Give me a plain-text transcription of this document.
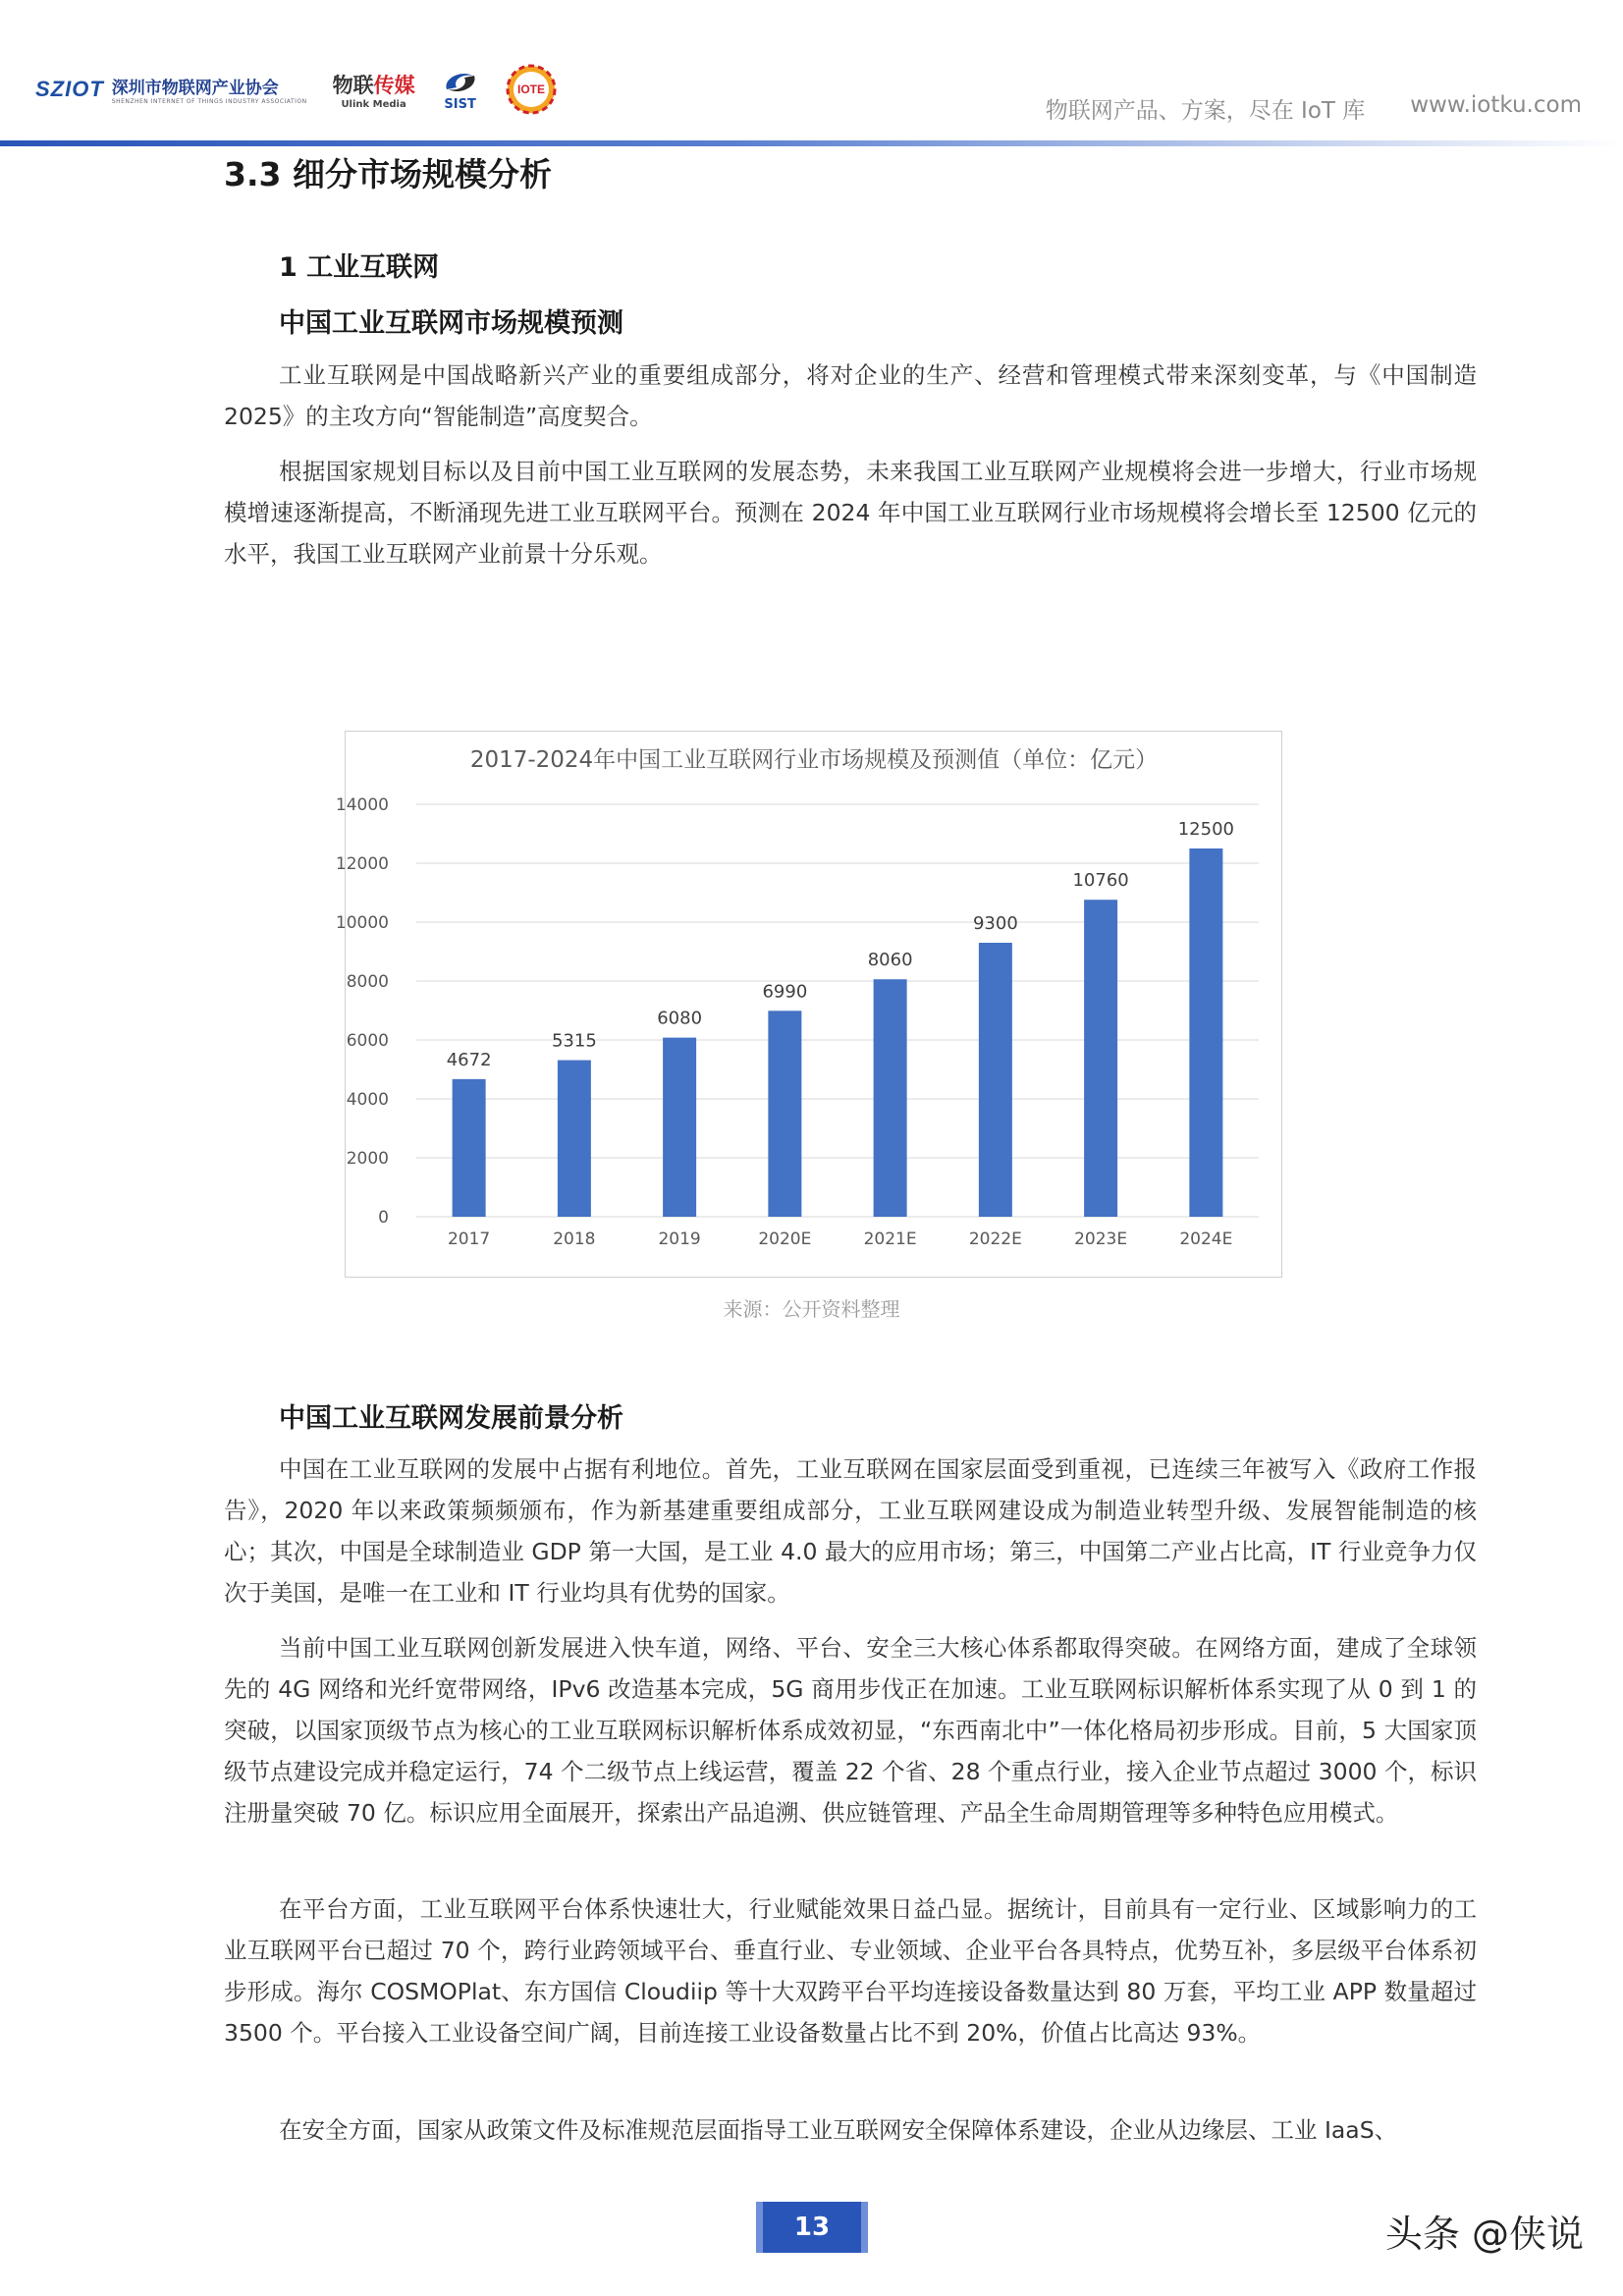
SZIOT 深圳市物联网产业协会
SHENZHEN INTERNET OF THINGS INDUSTRY ASSOCIATION
物联传媒
Ulink Media	SIST
IOTE
物联网产品、方案，尽在 IoT 库 www.iotku.com
3.3 细分市场规模分析
1 工业互联网
中国工业互联网市场规模预测

工业互联网是中国战略新兴产业的重要组成部分，将对企业的生产、经营和管理模式带来深刻变革，与《中国制造 2025》的主攻方向“智能制造”高度契合。

根据国家规划目标以及目前中国工业互联网的发展态势，未来我国工业互联网产业规模将会进一步增大，行业市场规模增速逐渐提高，不断涌现先进工业互联网平台。预测在 2024 年中国工业互联网行业市场规模将会增长至 12500 亿元的水平，我国工业互联网产业前景十分乐观。

2017-2024年中国工业互联网行业市场规模及预测值（单位：亿元）
0
2000
4000
6000
8000
10000
12000
14000
4672
5315
6080
6990
8060
9300
10760
12500
2017	2018	2019	2020E	2021E	2022E	2023E	2024E
来源：公开资料整理
中国工业互联网发展前景分析

中国在工业互联网的发展中占据有利地位。首先，工业互联网在国家层面受到重视，已连续三年被写入《政府工作报告》，2020 年以来政策频频颁布，作为新基建重要组成部分，工业互联网建设成为制造业转型升级、发展智能制造的核心；其次，中国是全球制造业 GDP 第一大国，是工业 4.0 最大的应用市场；第三，中国第二产业占比高，IT 行业竞争力仅次于美国，是唯一在工业和 IT 行业均具有优势的国家。

当前中国工业互联网创新发展进入快车道，网络、平台、安全三大核心体系都取得突破。在网络方面，建成了全球领先的 4G 网络和光纤宽带网络，IPv6 改造基本完成，5G 商用步伐正在加速。工业互联网标识解析体系实现了从 0 到 1 的突破，以国家顶级节点为核心的工业互联网标识解析体系成效初显，“东西南北中”一体化格局初步形成。目前，5 大国家顶级节点建设完成并稳定运行，74 个二级节点上线运营，覆盖 22 个省、28 个重点行业，接入企业节点超过 3000 个，标识注册量突破 70 亿。标识应用全面展开，探索出产品追溯、供应链管理、产品全生命周期管理等多种特色应用模式。

在平台方面，工业互联网平台体系快速壮大，行业赋能效果日益凸显。据统计，目前具有一定行业、区域影响力的工业互联网平台已超过 70 个，跨行业跨领域平台、垂直行业、专业领域、企业平台各具特点，优势互补，多层级平台体系初步形成。海尔 COSMOPlat、东方国信 Cloudiip 等十大双跨平台平均连接设备数量达到 80 万套，平均工业 APP 数量超过 3500 个。平台接入工业设备空间广阔，目前连接工业设备数量占比不到 20%，价值占比高达 93%。

在安全方面，国家从政策文件及标准规范层面指导工业互联网安全保障体系建设，企业从边缘层、工业 IaaS、

13	头条 @侠说
